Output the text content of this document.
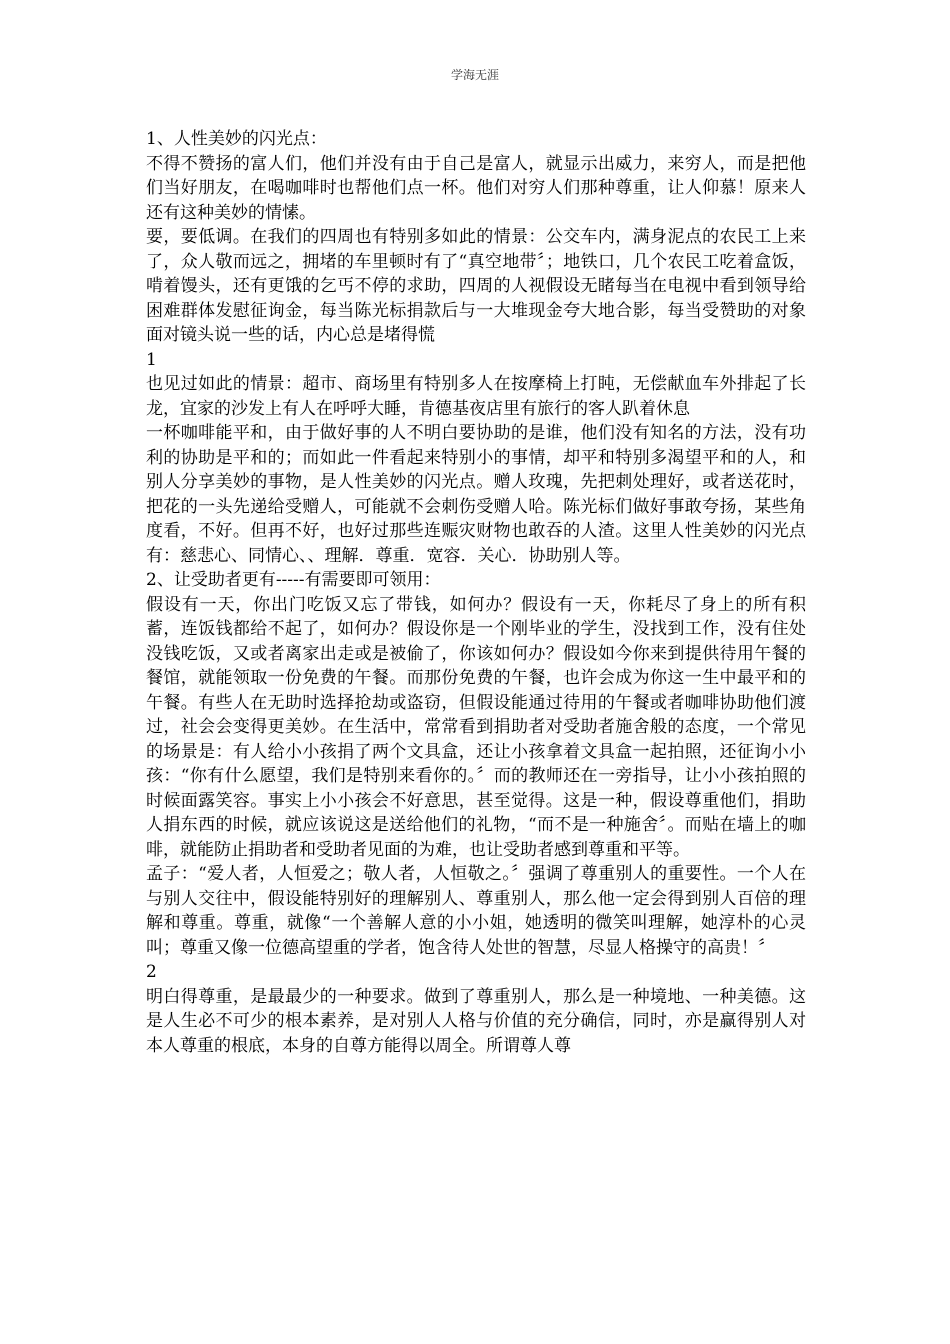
学海无涯

1、人性美妙的闪光点：

不得不赞扬的富人们，他们并没有由于自己是富人，就显示出威力，来穷人，而是把他们当好朋友，在喝咖啡时也帮他们点一杯。他们对穷人们那种尊重，让人仰慕！原来人还有这种美妙的情愫。

要，要低调。在我们的四周也有特别多如此的情景：公交车内，满身泥点的农民工上来了，众人敬而远之，拥堵的车里顿时有了“真空地带〞；地铁口，几个农民工吃着盒饭，啃着馒头，还有更饿的乞丐不停的求助，四周的人视假设无睹每当在电视中看到领导给困难群体发慰征询金，每当陈光标捐款后与一大堆现金夸大地合影，每当受赞助的对象面对镜头说一些的话，内心总是堵得慌

1

也见过如此的情景：超市、商场里有特别多人在按摩椅上打盹，无偿献血车外排起了长龙，宜家的沙发上有人在呼呼大睡，肯德基夜店里有旅行的客人趴着休息

一杯咖啡能平和，由于做好事的人不明白要协助的是谁，他们没有知名的方法，没有功利的协助是平和的；而如此一件看起来特别小的事情，却平和特别多渴望平和的人，和别人分享美妙的事物，是人性美妙的闪光点。赠人玫瑰，先把刺处理好，或者送花时，把花的一头先递给受赠人，可能就不会刺伤受赠人哈。陈光标们做好事敢夸扬，某些角度看，不好。但再不好，也好过那些连赈灾财物也敢吞的人渣。这里人性美妙的闪光点有：慈悲心、同情心、、理解．尊重．宽容．关心．协助别人等。

2、让受助者更有-----有需要即可领用：

假设有一天，你出门吃饭又忘了带钱，如何办？假设有一天，你耗尽了身上的所有积蓄，连饭钱都给不起了，如何办？假设你是一个刚毕业的学生，没找到工作，没有住处没钱吃饭，又或者离家出走或是被偷了，你该如何办？假设如今你来到提供待用午餐的餐馆，就能领取一份免费的午餐。而那份免费的午餐，也许会成为你这一生中最平和的午餐。有些人在无助时选择抢劫或盗窃，但假设能通过待用的午餐或者咖啡协助他们渡过，社会会变得更美妙。在生活中，常常看到捐助者对受助者施舍般的态度，一个常见的场景是：有人给小小孩捐了两个文具盒，还让小孩拿着文具盒一起拍照，还征询小小孩：“你有什么愿望，我们是特别来看你的。〞而的教师还在一旁指导，让小小孩拍照的时候面露笑容。事实上小小孩会不好意思，甚至觉得。这是一种，假设尊重他们，捐助人捐东西的时候，就应该说这是送给他们的礼物，“而不是一种施舍〞。而贴在墙上的咖啡，就能防止捐助者和受助者见面的为难，也让受助者感到尊重和平等。

孟子：“爱人者，人恒爱之；敬人者，人恒敬之。〞强调了尊重别人的重要性。一个人在与别人交往中，假设能特别好的理解别人、尊重别人，那么他一定会得到别人百倍的理解和尊重。尊重，就像“一个善解人意的小小姐，她透明的微笑叫理解，她淳朴的心灵叫；尊重又像一位德高望重的学者，饱含待人处世的智慧，尽显人格操守的高贵！〞

2

明白得尊重，是最最少的一种要求。做到了尊重别人，那么是一种境地、一种美德。这是人生必不可少的根本素养，是对别人人格与价值的充分确信，同时，亦是赢得别人对本人尊重的根底，本身的自尊方能得以周全。所谓尊人尊
